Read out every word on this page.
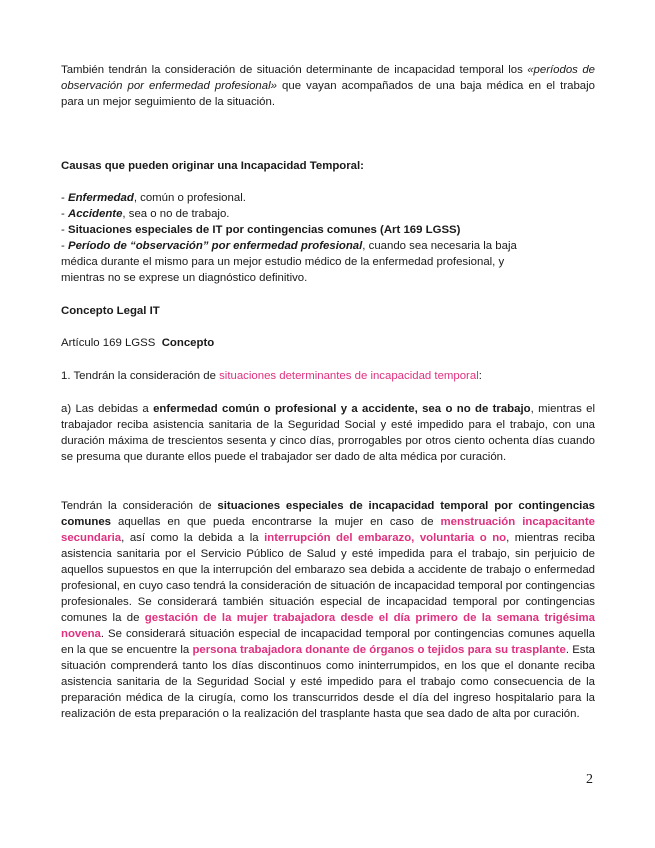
También tendrán la consideración de situación determinante de incapacidad temporal los «períodos de observación por enfermedad profesional» que vayan acompañados de una baja médica en el trabajo para un mejor seguimiento de la situación.

Causas que pueden originar una Incapacidad Temporal:

- Enfermedad, común o profesional.

- Accidente, sea o no de trabajo.

- Situaciones especiales de IT por contingencias comunes (Art 169 LGSS)

- Período de “observación” por enfermedad profesional, cuando sea necesaria la baja médica durante el mismo para un mejor estudio médico de la enfermedad profesional, y mientras no se exprese un diagnóstico definitivo.

Concepto Legal IT

Artículo 169 LGSS Concepto

1. Tendrán la consideración de situaciones determinantes de incapacidad temporal:

a) Las debidas a enfermedad común o profesional y a accidente, sea o no de trabajo, mientras el trabajador reciba asistencia sanitaria de la Seguridad Social y esté impedido para el trabajo, con una duración máxima de trescientos sesenta y cinco días, prorrogables por otros ciento ochenta días cuando se presuma que durante ellos puede el trabajador ser dado de alta médica por curación.

Tendrán la consideración de situaciones especiales de incapacidad temporal por contingencias comunes aquellas en que pueda encontrarse la mujer en caso de menstruación incapacitante secundaria, así como la debida a la interrupción del embarazo, voluntaria o no, mientras reciba asistencia sanitaria por el Servicio Público de Salud y esté impedida para el trabajo, sin perjuicio de aquellos supuestos en que la interrupción del embarazo sea debida a accidente de trabajo o enfermedad profesional, en cuyo caso tendrá la consideración de situación de incapacidad temporal por contingencias profesionales. Se considerará también situación especial de incapacidad temporal por contingencias comunes la de gestación de la mujer trabajadora desde el día primero de la semana trigésima novena. Se considerará situación especial de incapacidad temporal por contingencias comunes aquella en la que se encuentre la persona trabajadora donante de órganos o tejidos para su trasplante. Esta situación comprenderá tanto los días discontinuos como ininterrumpidos, en los que el donante reciba asistencia sanitaria de la Seguridad Social y esté impedido para el trabajo como consecuencia de la preparación médica de la cirugía, como los transcurridos desde el día del ingreso hospitalario para la realización de esta preparación o la realización del trasplante hasta que sea dado de alta por curación.

2
